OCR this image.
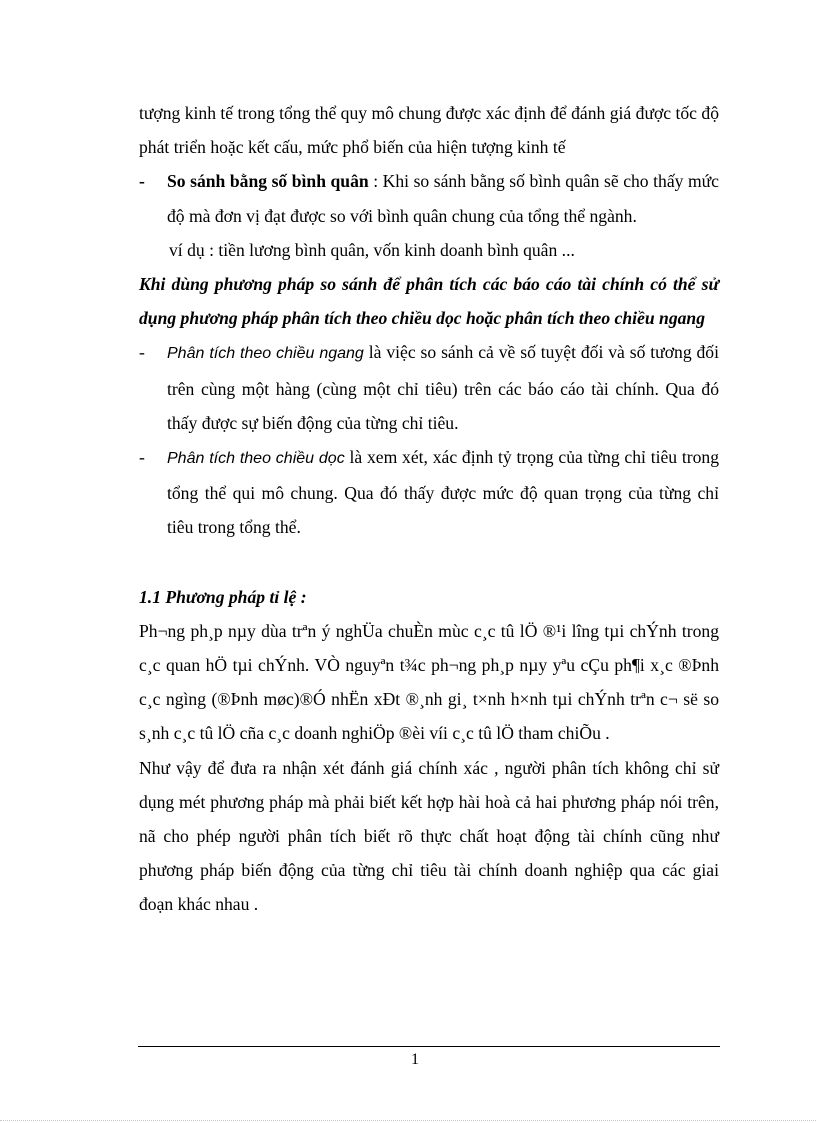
tượng kinh tế trong tổng thể quy mô chung được xác định để đánh giá được tốc độ phát triển hoặc kết cấu, mức phổ biến của hiện tượng kinh tế

-	So sánh bằng số bình quân : Khi so sánh bằng số bình quân sẽ cho thấy mức độ mà đơn vị đạt được so với bình quân chung của tổng thể ngành.

ví dụ : tiền lương bình quân, vốn kinh doanh bình quân ...

Khi dùng phương pháp so sánh để phân tích các báo cáo tài chính có thể sử dụng phương pháp phân tích theo chiều dọc hoặc phân tích theo chiều ngang

-	Phân tích theo chiều ngang là việc so sánh cả về số tuyệt đối và số tương đối trên cùng một hàng (cùng một chỉ tiêu) trên các báo cáo tài chính. Qua đó thấy được sự biến động của từng chỉ tiêu.

-	Phân tích theo chiều dọc là xem xét, xác định tỷ trọng của từng chỉ tiêu trong tổng thể qui mô chung. Qua đó thấy được mức độ quan trọng của từng chỉ tiêu trong tổng thể.

1.1 Phương pháp tỉ lệ :

Ph¬ng ph¸p nµy dùa trªn ý nghÜa chuÈn mùc c¸c tû lÖ ®¹i lîng tµi chÝnh trong c¸c quan hÖ tµi chÝnh. VÒ nguyªn t¾c ph¬ng ph¸p nµy yªu cÇu ph¶i x¸c ®Þnh c¸c ngìng (®Þnh møc)®Ó nhËn xÐt ®¸nh gi¸ t×nh h×nh tµi chÝnh trªn c¬ së so s¸nh c¸c tû lÖ cña c¸c doanh nghiÖp ®èi víi c¸c tû lÖ tham chiÕu .

Như vậy để đưa ra nhận xét đánh giá chính xác , người phân tích không chỉ sử dụng mét phương pháp mà phải biết kết hợp hài hoà cả hai phương pháp nói trên, nã cho phép người phân tích biết rõ thực chất hoạt động tài chính cũng như phương pháp biến động của từng chỉ tiêu tài chính doanh nghiệp qua các giai đoạn khác nhau .

1
